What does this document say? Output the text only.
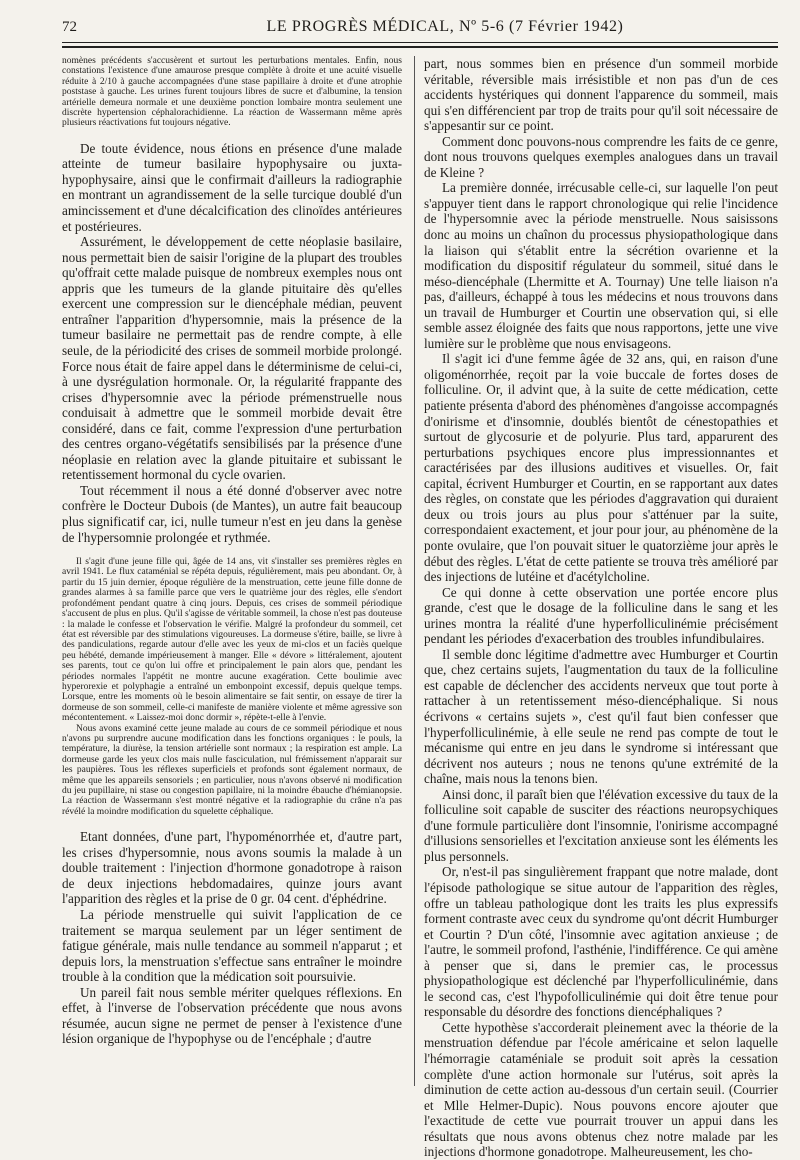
72	LE PROGRÈS MÉDICAL, Nº 5-6 (7 Février 1942)

nomènes précédents s'accusèrent et surtout les perturbations mentales. Enfin, nous constations l'existence d'une amaurose presque complète à droite et une acuité visuelle réduite à 2/10 à gauche accompagnées d'une stase papillaire à droite et d'une atrophie poststase à gauche. Les urines furent toujours libres de sucre et d'albumine, la tension artérielle demeura normale et une deuxième ponction lombaire montra seulement une discrète hypertension céphalorachidienne. La réaction de Wassermann même après plusieurs réactivations fut toujours négative.

De toute évidence, nous étions en présence d'une malade atteinte de tumeur basilaire hypophysaire ou juxta-hypophysaire, ainsi que le confirmait d'ailleurs la radiographie en montrant un agrandissement de la selle turcique doublé d'un amincissement et d'une décalcification des clinoïdes antérieures et postérieures.

Assurément, le développement de cette néoplasie basilaire, nous permettait bien de saisir l'origine de la plupart des troubles qu'offrait cette malade puisque de nombreux exemples nous ont appris que les tumeurs de la glande pituitaire dès qu'elles exercent une compression sur le diencéphale médian, peuvent entraîner l'apparition d'hypersomnie, mais la présence de la tumeur basilaire ne permettait pas de rendre compte, à elle seule, de la périodicité des crises de sommeil morbide prolongé. Force nous était de faire appel dans le déterminisme de celui-ci, à une dysrégulation hormonale. Or, la régularité frappante des crises d'hypersomnie avec la période prémenstruelle nous conduisait à admettre que le sommeil morbide devait être considéré, dans ce fait, comme l'expression d'une perturbation des centres organo-végétatifs sensibilisés par la présence d'une néoplasie en relation avec la glande pituitaire et subissant le retentissement hormonal du cycle ovarien.

Tout récemment il nous a été donné d'observer avec notre confrère le Docteur Dubois (de Mantes), un autre fait beaucoup plus significatif car, ici, nulle tumeur n'est en jeu dans la genèse de l'hypersomnie prolongée et rythmée.

Il s'agit d'une jeune fille qui, âgée de 14 ans, vit s'installer ses premières règles en avril 1941. Le flux cataménial se répéta depuis, régulièrement, mais peu abondant. Or, à partir du 15 juin dernier, époque régulière de la menstruation, cette jeune fille donne de grandes alarmes à sa famille parce que vers le quatrième jour des règles, elle s'endort profondément pendant quatre à cinq jours. Depuis, ces crises de sommeil périodique s'accusent de plus en plus. Qu'il s'agisse de véritable sommeil, la chose n'est pas douteuse : la malade le confesse et l'observation le vérifie. Malgré la profondeur du sommeil, cet état est réversible par des stimulations vigoureuses. La dormeuse s'étire, baille, se livre à des pandiculations, regarde autour d'elle avec les yeux de mi-clos et un faciès quelque peu hébété, demande impérieusement à manger. Elle « dévore » littéralement, ajoutent ses parents, tout ce qu'on lui offre et principalement le pain alors que, pendant les périodes normales l'appétit ne montre aucune exagération. Cette boulimie avec hyperorexie et polyphagie a entraîné un embonpoint excessif, depuis quelque temps. Lorsque, entre les moments où le besoin alimentaire se fait sentir, on essaye de tirer la dormeuse de son sommeil, celle-ci manifeste de manière violente et même agressive son mécontentement. « Laissez-moi donc dormir », répète-t-elle à l'envie.

Nous avons examiné cette jeune malade au cours de ce sommeil périodique et nous n'avons pu surprendre aucune modification dans les fonctions organiques : le pouls, la température, la diurèse, la tension artérielle sont normaux ; la respiration est ample. La dormeuse garde les yeux clos mais nulle fasciculation, nul frémissement n'apparait sur les paupières. Tous les réflexes superficiels et profonds sont également normaux, de même que les appareils sensoriels ; en particulier, nous n'avons observé ni modification du jeu pupillaire, ni stase ou congestion papillaire, ni la moindre ébauche d'hémianopsie. La réaction de Wassermann s'est montré négative et la radiographie du crâne n'a pas révélé la moindre modification du squelette céphalique.

Etant données, d'une part, l'hypoménorrhée et, d'autre part, les crises d'hypersomnie, nous avons soumis la malade à un double traitement : l'injection d'hormone gonadotrope à raison de deux injections hebdomadaires, quinze jours avant l'apparition des règles et la prise de 0 gr. 04 cent. d'éphédrine.

La période menstruelle qui suivit l'application de ce traitement se marqua seulement par un léger sentiment de fatigue générale, mais nulle tendance au sommeil n'apparut ; et depuis lors, la menstruation s'effectue sans entraîner le moindre trouble à la condition que la médication soit poursuivie.

Un pareil fait nous semble mériter quelques réflexions. En effet, à l'inverse de l'observation précédente que nous avons résumée, aucun signe ne permet de penser à l'existence d'une lésion organique de l'hypophyse ou de l'encéphale ; d'autre

part, nous sommes bien en présence d'un sommeil morbide véritable, réversible mais irrésistible et non pas d'un de ces accidents hystériques qui donnent l'apparence du sommeil, mais qui s'en différencient par trop de traits pour qu'il soit nécessaire de s'appesantir sur ce point.

Comment donc pouvons-nous comprendre les faits de ce genre, dont nous trouvons quelques exemples analogues dans un travail de Kleine ?

La première donnée, irrécusable celle-ci, sur laquelle l'on peut s'appuyer tient dans le rapport chronologique qui relie l'incidence de l'hypersomnie avec la période menstruelle. Nous saisissons donc au moins un chaînon du processus physiopathologique dans la liaison qui s'établit entre la sécrétion ovarienne et la modification du dispositif régulateur du sommeil, situé dans le méso-diencéphale (Lhermitte et A. Tournay) Une telle liaison n'a pas, d'ailleurs, échappé à tous les médecins et nous trouvons dans un travail de Humburger et Courtin une observation qui, si elle semble assez éloignée des faits que nous rapportons, jette une vive lumière sur le problème que nous envisageons.

Il s'agit ici d'une femme âgée de 32 ans, qui, en raison d'une oligoménorrhée, reçoit par la voie buccale de fortes doses de folliculine. Or, il advint que, à la suite de cette médication, cette patiente présenta d'abord des phénomènes d'angoisse accompagnés d'onirisme et d'insomnie, doublés bientôt de cénestopathies et surtout de glycosurie et de polyurie. Plus tard, apparurent des perturbations psychiques encore plus impressionnantes et caractérisées par des illusions auditives et visuelles. Or, fait capital, écrivent Humburger et Courtin, en se rapportant aux dates des règles, on constate que les périodes d'aggravation qui duraient deux ou trois jours au plus pour s'atténuer par la suite, correspondaient exactement, et jour pour jour, au phénomène de la ponte ovulaire, que l'on pouvait situer le quatorzième jour après le début des règles. L'état de cette patiente se trouva très amélioré par des injections de lutéine et d'acétylcholine.

Ce qui donne à cette observation une portée encore plus grande, c'est que le dosage de la folliculine dans le sang et les urines montra la réalité d'une hyperfolliculinémie précisément pendant les périodes d'exacerbation des troubles infundibulaires.

Il semble donc légitime d'admettre avec Humburger et Courtin que, chez certains sujets, l'augmentation du taux de la folliculine est capable de déclencher des accidents nerveux que tout porte à rattacher à un retentissement méso-diencéphalique. Si nous écrivons « certains sujets », c'est qu'il faut bien confesser que l'hyperfolliculinémie, à elle seule ne rend pas compte de tout le mécanisme qui entre en jeu dans le syndrome si intéressant que décrivent nos auteurs ; nous ne tenons qu'une extrémité de la chaîne, mais nous la tenons bien.

Ainsi donc, il paraît bien que l'élévation excessive du taux de la folliculine soit capable de susciter des réactions neuropsychiques d'une formule particulière dont l'insomnie, l'onirisme accompagné d'illusions sensorielles et l'excitation anxieuse sont les éléments les plus personnels.

Or, n'est-il pas singulièrement frappant que notre malade, dont l'épisode pathologique se situe autour de l'apparition des règles, offre un tableau pathologique dont les traits les plus expressifs forment contraste avec ceux du syndrome qu'ont décrit Humburger et Courtin ? D'un côté, l'insomnie avec agitation anxieuse ; de l'autre, le sommeil profond, l'asthénie, l'indifférence. Ce qui amène à penser que si, dans le premier cas, le processus physiopathologique est déclenché par l'hyperfolliculinémie, dans le second cas, c'est l'hypofolliculinémie qui doit être tenue pour responsable du désordre des fonctions diencéphaliques ?

Cette hypothèse s'accorderait pleinement avec la théorie de la menstruation défendue par l'école américaine et selon laquelle l'hémorragie cataméniale se produit soit après la cessation complète d'une action hormonale sur l'utérus, soit après la diminution de cette action au-dessous d'un certain seuil. (Courrier et Mlle Helmer-Dupic). Nous pouvons encore ajouter que l'exactitude de cette vue pourrait trouver un appui dans les résultats que nous avons obtenus chez notre malade par les injections d'hormone gonadotrope. Malheureusement, les cho-
